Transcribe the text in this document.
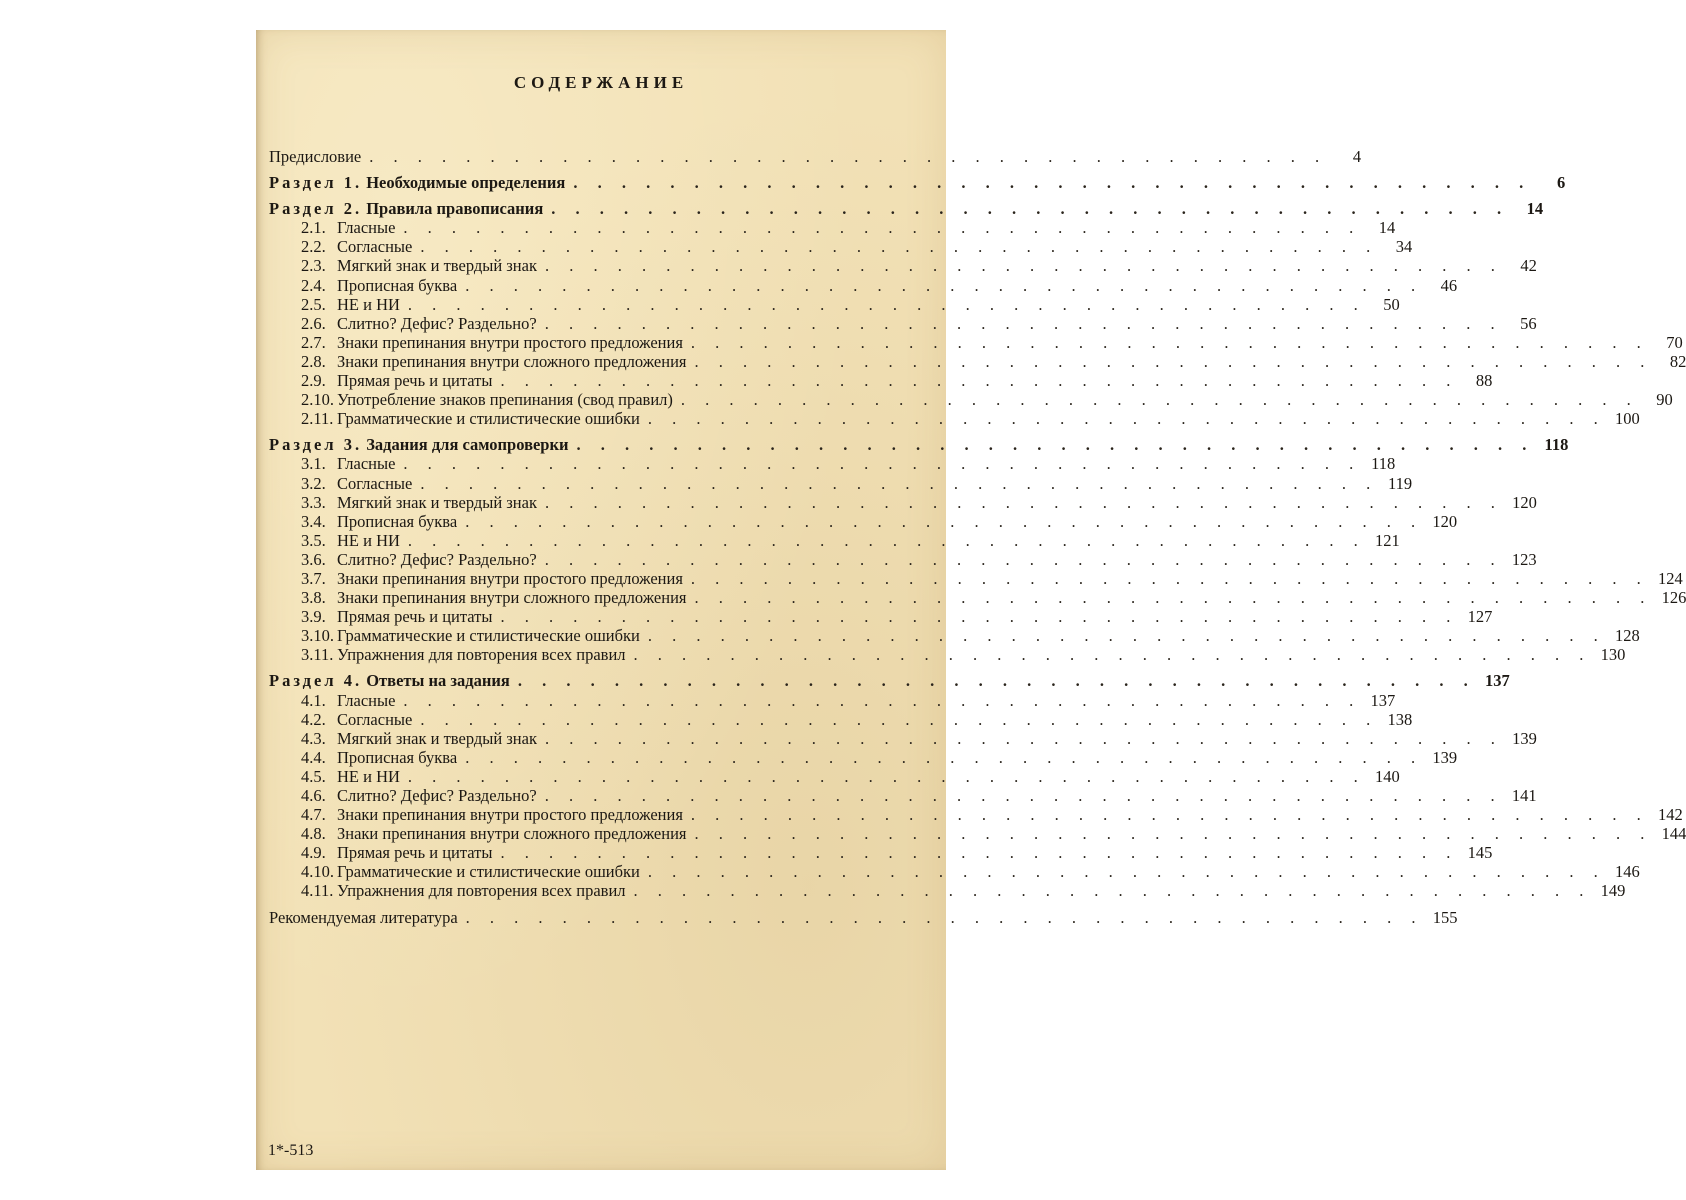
СОДЕРЖАНИЕ
Предисловие . . .	4
Раздел 1. Необходимые определения . . .	6
Раздел 2. Правила правописания . . .	14
2.1. Гласные . . .	14
2.2. Согласные . . .	34
2.3. Мягкий знак и твердый знак . . .	42
2.4. Прописная буква . . .	46
2.5. НЕ и НИ . . .	50
2.6. Слитно? Дефис? Раздельно? . . .	56
2.7. Знаки препинания внутри простого предложения . . .	70
2.8. Знаки препинания внутри сложного предложения . . .	82
2.9. Прямая речь и цитаты . . .	88
2.10. Употребление знаков препинания (свод правил) . . .	90
2.11. Грамматические и стилистические ошибки . . .	100
Раздел 3. Задания для самопроверки . . .	118
3.1. Гласные . . .	118
3.2. Согласные . . .	119
3.3. Мягкий знак и твердый знак . . .	120
3.4. Прописная буква . . .	120
3.5. НЕ и НИ . . .	121
3.6. Слитно? Дефис? Раздельно? . . .	123
3.7. Знаки препинания внутри простого предложения . . .	124
3.8. Знаки препинания внутри сложного предложения . . .	126
3.9. Прямая речь и цитаты . . .	127
3.10. Грамматические и стилистические ошибки . . .	128
3.11. Упражнения для повторения всех правил . . .	130
Раздел 4. Ответы на задания . . .	137
4.1. Гласные . . .	137
4.2. Согласные . . .	138
4.3. Мягкий знак и твердый знак . . .	139
4.4. Прописная буква . . .	139
4.5. НЕ и НИ . . .	140
4.6. Слитно? Дефис? Раздельно? . . .	141
4.7. Знаки препинания внутри простого предложения . . .	142
4.8. Знаки препинания внутри сложного предложения . . .	144
4.9. Прямая речь и цитаты . . .	145
4.10. Грамматические и стилистические ошибки . . .	146
4.11. Упражнения для повторения всех правил . . .	149
Рекомендуемая литература . . .	155
1*-513
